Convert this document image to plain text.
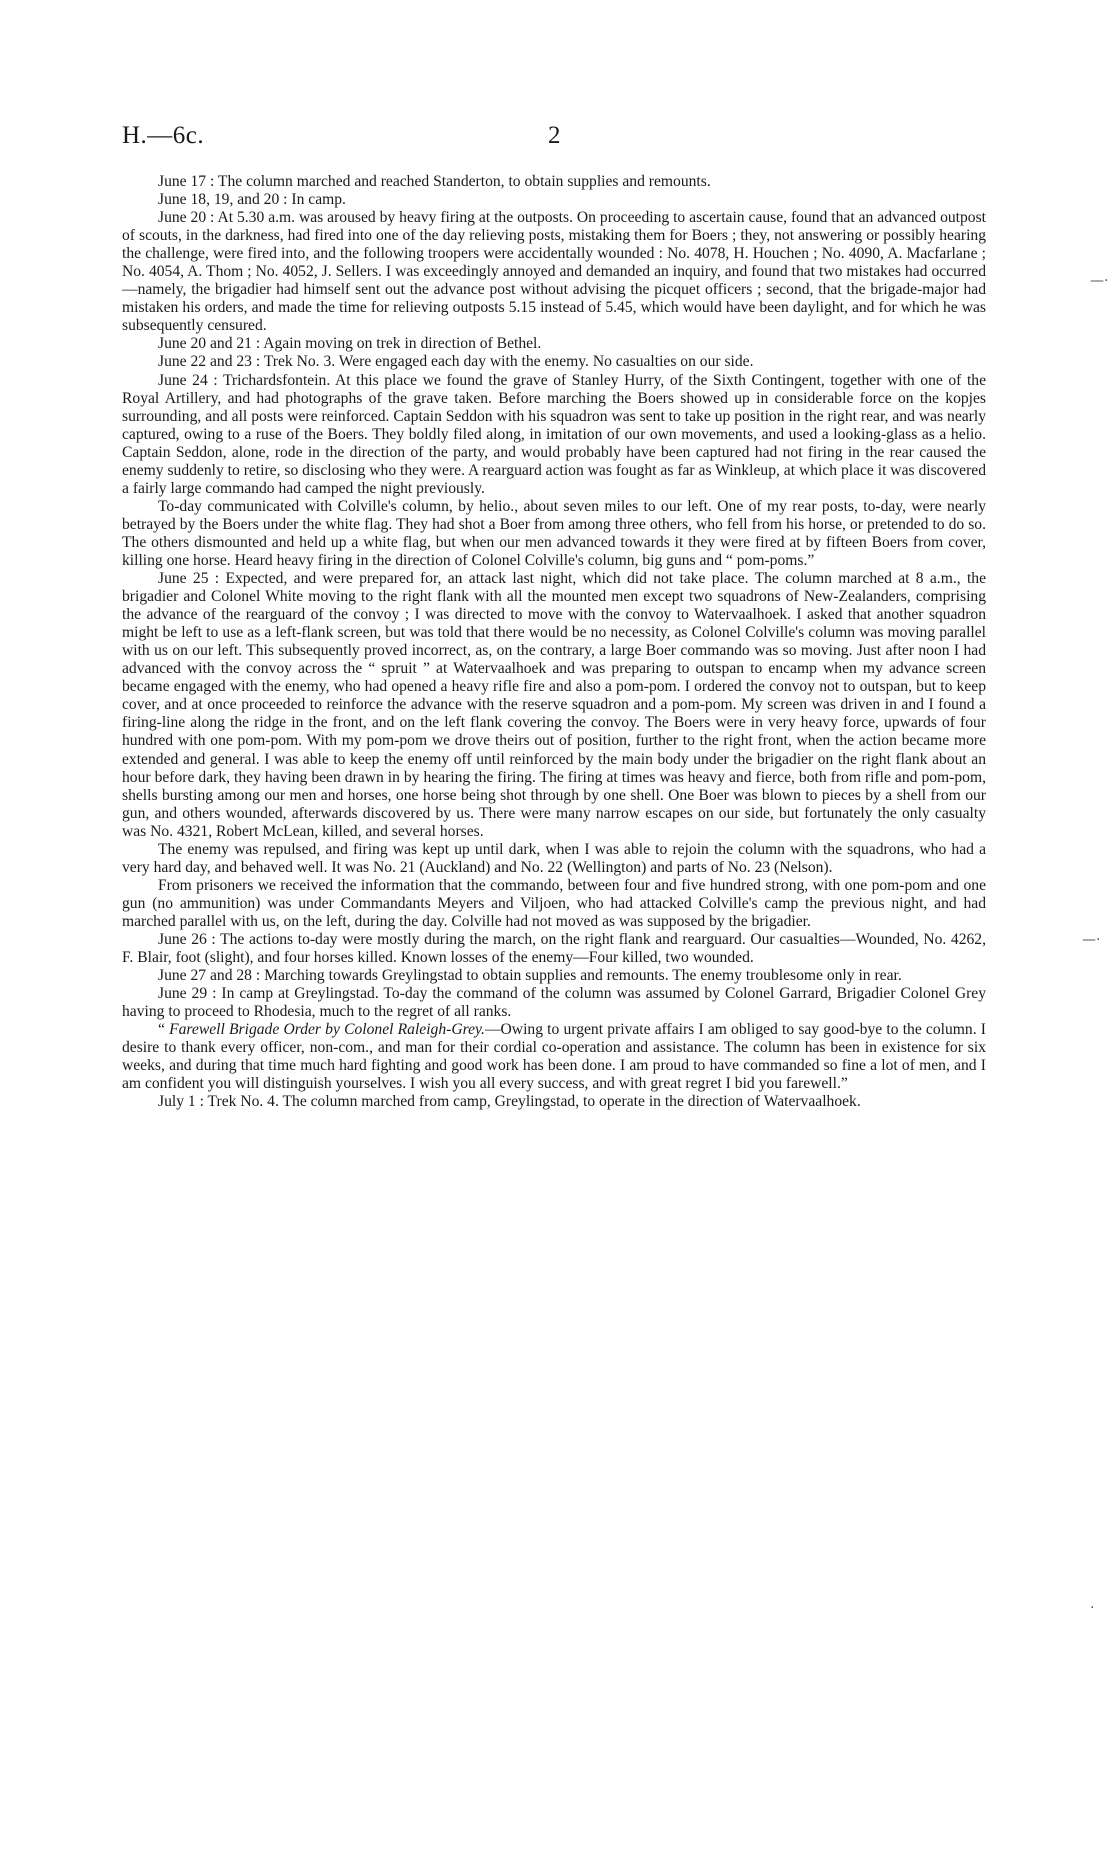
H.—6c.	2

June 17 : The column marched and reached Standerton, to obtain supplies and remounts.

June 18, 19, and 20 : In camp.

June 20 : At 5.30 a.m. was aroused by heavy firing at the outposts. On proceeding to ascertain cause, found that an advanced outpost of scouts, in the darkness, had fired into one of the day relieving posts, mistaking them for Boers ; they, not answering or possibly hearing the challenge, were fired into, and the following troopers were accidentally wounded : No. 4078, H. Houchen ; No. 4090, A. Macfarlane ; No. 4054, A. Thom ; No. 4052, J. Sellers. I was exceedingly annoyed and demanded an inquiry, and found that two mistakes had occurred—namely, the brigadier had himself sent out the advance post without advising the picquet officers ; second, that the brigade-major had mistaken his orders, and made the time for relieving outposts 5.15 instead of 5.45, which would have been daylight, and for which he was subsequently censured.

June 20 and 21 : Again moving on trek in direction of Bethel.

June 22 and 23 : Trek No. 3. Were engaged each day with the enemy. No casualties on our side.

June 24 : Trichardsfontein. At this place we found the grave of Stanley Hurry, of the Sixth Contingent, together with one of the Royal Artillery, and had photographs of the grave taken. Before marching the Boers showed up in considerable force on the kopjes surrounding, and all posts were reinforced. Captain Seddon with his squadron was sent to take up position in the right rear, and was nearly captured, owing to a ruse of the Boers. They boldly filed along, in imitation of our own movements, and used a looking-glass as a helio. Captain Seddon, alone, rode in the direction of the party, and would probably have been captured had not firing in the rear caused the enemy suddenly to retire, so disclosing who they were. A rearguard action was fought as far as Winkleup, at which place it was discovered a fairly large commando had camped the night previously.

To-day communicated with Colville's column, by helio., about seven miles to our left. One of my rear posts, to-day, were nearly betrayed by the Boers under the white flag. They had shot a Boer from among three others, who fell from his horse, or pretended to do so. The others dismounted and held up a white flag, but when our men advanced towards it they were fired at by fifteen Boers from cover, killing one horse. Heard heavy firing in the direction of Colonel Colville's column, big guns and “ pom-poms.”

June 25 : Expected, and were prepared for, an attack last night, which did not take place. The column marched at 8 a.m., the brigadier and Colonel White moving to the right flank with all the mounted men except two squadrons of New-Zealanders, comprising the advance of the rearguard of the convoy ; I was directed to move with the convoy to Watervaalhoek. I asked that another squadron might be left to use as a left-flank screen, but was told that there would be no necessity, as Colonel Colville's column was moving parallel with us on our left. This subsequently proved incorrect, as, on the contrary, a large Boer commando was so moving. Just after noon I had advanced with the convoy across the “ spruit ” at Watervaalhoek and was preparing to outspan to encamp when my advance screen became engaged with the enemy, who had opened a heavy rifle fire and also a pom-pom. I ordered the convoy not to outspan, but to keep cover, and at once proceeded to reinforce the advance with the reserve squadron and a pom-pom. My screen was driven in and I found a firing-line along the ridge in the front, and on the left flank covering the convoy. The Boers were in very heavy force, upwards of four hundred with one pom-pom. With my pom-pom we drove theirs out of position, further to the right front, when the action became more extended and general. I was able to keep the enemy off until reinforced by the main body under the brigadier on the right flank about an hour before dark, they having been drawn in by hearing the firing. The firing at times was heavy and fierce, both from rifle and pom-pom, shells bursting among our men and horses, one horse being shot through by one shell. One Boer was blown to pieces by a shell from our gun, and others wounded, afterwards discovered by us. There were many narrow escapes on our side, but fortunately the only casualty was No. 4321, Robert McLean, killed, and several horses.

The enemy was repulsed, and firing was kept up until dark, when I was able to rejoin the column with the squadrons, who had a very hard day, and behaved well. It was No. 21 (Auckland) and No. 22 (Wellington) and parts of No. 23 (Nelson).

From prisoners we received the information that the commando, between four and five hundred strong, with one pom-pom and one gun (no ammunition) was under Commandants Meyers and Viljoen, who had attacked Colville's camp the previous night, and had marched parallel with us, on the left, during the day. Colville had not moved as was supposed by the brigadier.

June 26 : The actions to-day were mostly during the march, on the right flank and rearguard. Our casualties—Wounded, No. 4262, F. Blair, foot (slight), and four horses killed. Known losses of the enemy—Four killed, two wounded.

June 27 and 28 : Marching towards Greylingstad to obtain supplies and remounts. The enemy troublesome only in rear.

June 29 : In camp at Greylingstad. To-day the command of the column was assumed by Colonel Garrard, Brigadier Colonel Grey having to proceed to Rhodesia, much to the regret of all ranks.

“ Farewell Brigade Order by Colonel Raleigh-Grey.—Owing to urgent private affairs I am obliged to say good-bye to the column. I desire to thank every officer, non-com., and man for their cordial co-operation and assistance. The column has been in existence for six weeks, and during that time much hard fighting and good work has been done. I am proud to have commanded so fine a lot of men, and I am confident you will distinguish yourselves. I wish you all every success, and with great regret I bid you farewell.”

July 1 : Trek No. 4. The column marched from camp, Greylingstad, to operate in the direction of Watervaalhoek.

—·
—·
·
